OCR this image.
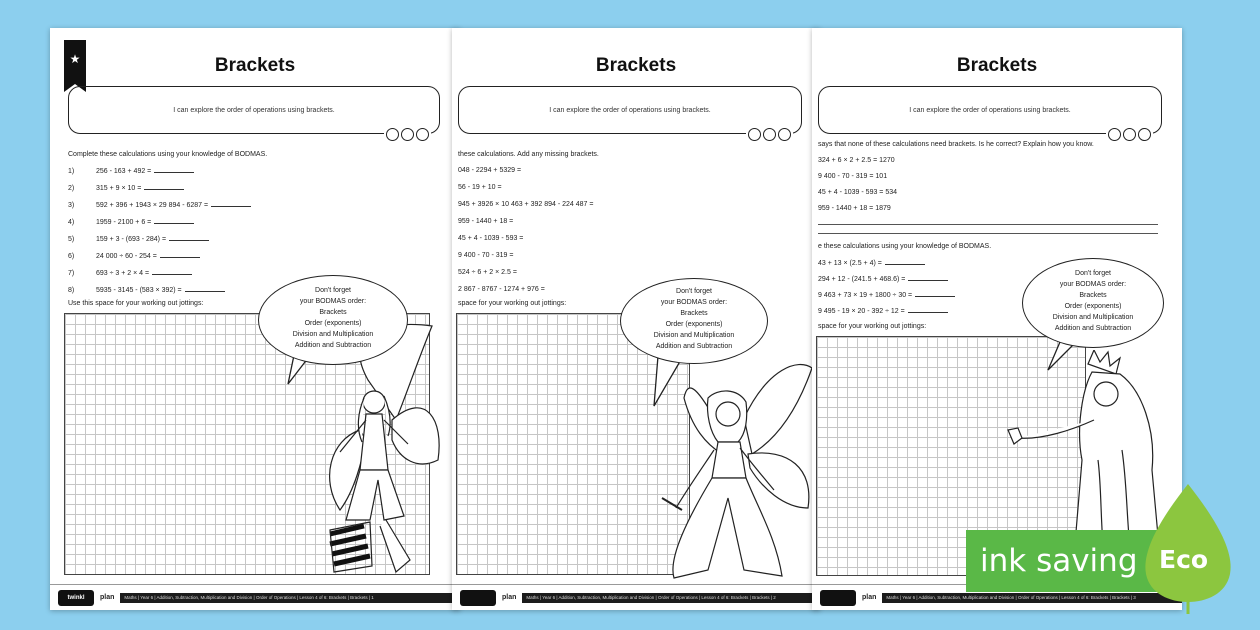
★	Brackets
I can explore the order of operations using brackets.
Complete these calculations using your knowledge of BODMAS.
1)	256 - 163 + 492 =
2)	315 + 9 × 10 =
3)	592 + 396 + 1943 × 29 894 - 6287 =
4)	1959 - 2100 + 6 =
5)	159 + 3 - (693 - 284) =
6)	24 000 ÷ 60 - 254 =
7)	693 ÷ 3 + 2 × 4 =
8)	5935 - 3145 - (583 × 392) =
Use this space for your working out jottings:
Don't forget
your BODMAS order:
Brackets
Order (exponents)
Division and Multiplication
Addition and Subtraction
twinkl	plan	Maths | Year 6 | Addition, Subtraction, Multiplication and Division | Order of Operations | Lesson 4 of 6: Brackets | Brackets | 1
Brackets
I can explore the order of operations using brackets.
these calculations. Add any missing brackets.
048 - 2294 + 5329 =
56 - 19 + 10 =
945 + 3926 × 10 463 + 392 894 - 224 487 =
959 - 1440 + 18 =
45 + 4 - 1039 - 593 =
9 400 - 70 - 319 =
524 ÷ 6 + 2 × 2.5 =
2 867 - 8767 - 1274 + 976 =
space for your working out jottings:
Don't forget
your BODMAS order:
Brackets
Order (exponents)
Division and Multiplication
Addition and Subtraction
plan	Maths | Year 6 | Addition, Subtraction, Multiplication and Division | Order of Operations | Lesson 4 of 6: Brackets | Brackets | 2
Brackets
I can explore the order of operations using brackets.
says that none of these calculations need brackets. Is he correct? Explain how you know.
324 + 6 × 2 + 2.5 = 1270
9 400 - 70 - 319 = 101
45 + 4 - 1039 - 593 = 534
959 - 1440 + 18 = 1879
e these calculations using your knowledge of BODMAS.
43 + 13 × (2.5 + 4) =
294 + 12 - (241.5 + 468.6) =
9 463 + 73 × 19 + 1800 ÷ 30 =
9 495 - 19 × 20 - 392 ÷ 12 =
space for your working out jottings:
Don't forget
your BODMAS order:
Brackets
Order (exponents)
Division and Multiplication
Addition and Subtraction
plan	Maths | Year 6 | Addition, Subtraction, Multiplication and Division | Order of Operations | Lesson 4 of 6: Brackets | Brackets | 3
ink saving Eco
